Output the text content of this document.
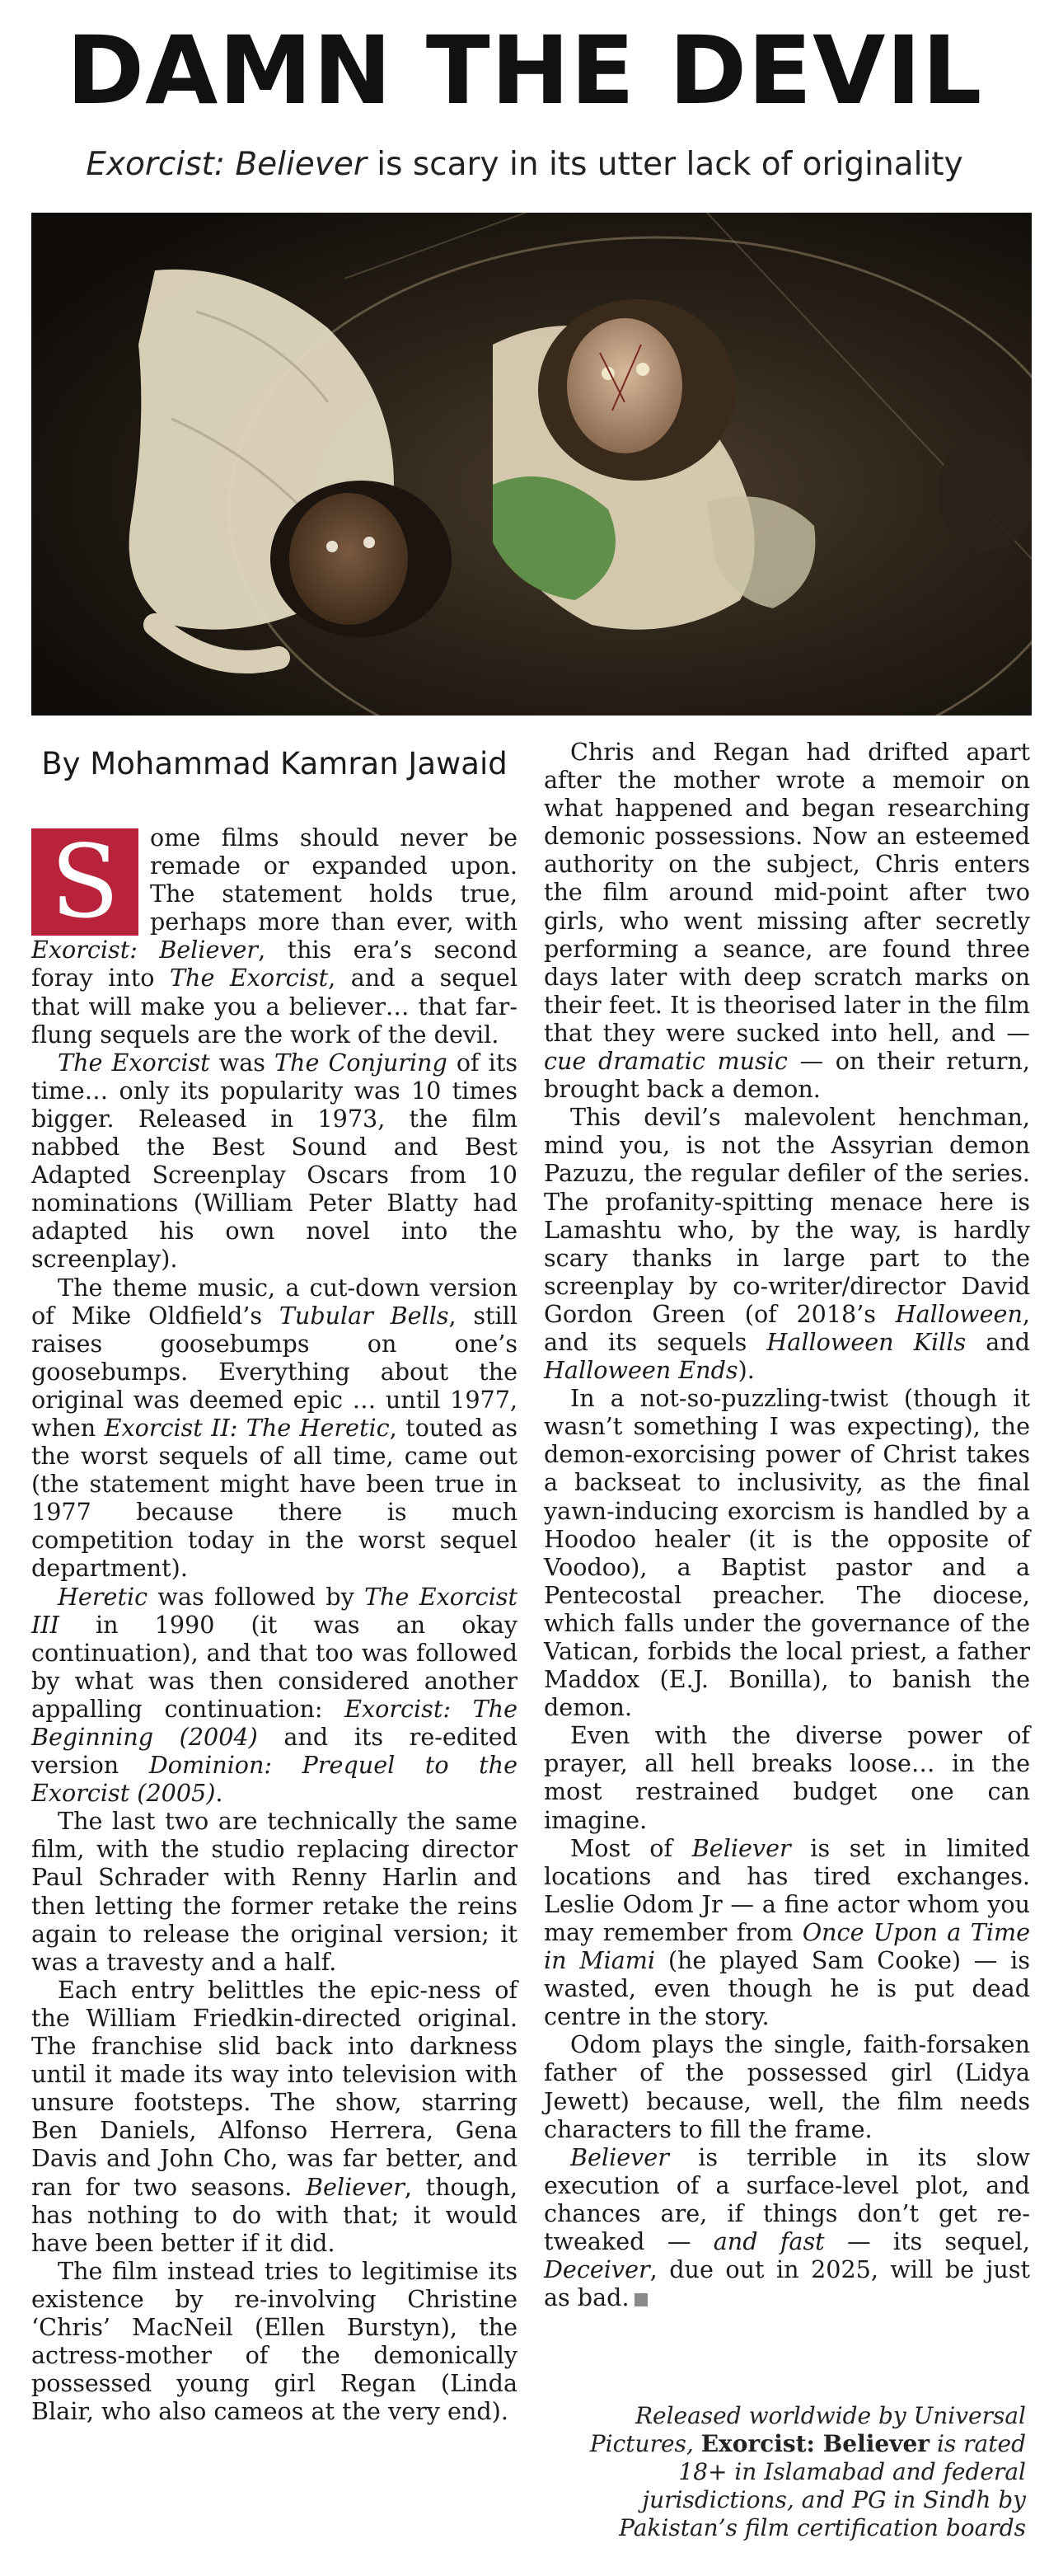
DAMN THE DEVIL
Exorcist: Believer is scary in its utter lack of originality
By Mohammad Kamran Jawaid

S	ome films should never be remade or expanded upon. The statement holds true, perhaps more than ever, with Exorcist: Believer, this era’s second foray into The Exorcist, and a sequel that will make you a believer… that far-flung sequels are the work of the devil.

The Exorcist was The Conjuring of its time… only its popularity was 10 times bigger. Released in 1973, the film nabbed the Best Sound and Best Adapted Screenplay Oscars from 10 nominations (William Peter Blatty had adapted his own novel into the screenplay).

The theme music, a cut-down version of Mike Oldfield’s Tubular Bells, still raises goosebumps on one’s goosebumps. Everything about the original was deemed epic … until 1977, when Exorcist II: The Heretic, touted as the worst sequels of all time, came out (the statement might have been true in 1977 because there is much competition today in the worst sequel department).

Heretic was followed by The Exorcist III in 1990 (it was an okay continuation), and that too was followed by what was then considered another appalling continuation: Exorcist: The Beginning (2004) and its re-edited version Dominion: Prequel to the Exorcist (2005).

The last two are technically the same film, with the studio replacing director Paul Schrader with Renny Harlin and then letting the former retake the reins again to release the original version; it was a travesty and a half.

Each entry belittles the epic-ness of the William Friedkin-directed original. The franchise slid back into darkness until it made its way into television with unsure footsteps. The show, starring Ben Daniels, Alfonso Herrera, Gena Davis and John Cho, was far better, and ran for two seasons. Believer, though, has nothing to do with that; it would have been better if it did.

The film instead tries to legitimise its existence by re-involving Christine ‘Chris’ MacNeil (Ellen Burstyn), the actress-mother of the demonically possessed young girl Regan (Linda Blair, who also cameos at the very end).

Chris and Regan had drifted apart after the mother wrote a memoir on what happened and began researching demonic possessions. Now an esteemed authority on the subject, Chris enters the film around mid-point after two girls, who went missing after secretly performing a seance, are found three days later with deep scratch marks on their feet. It is theorised later in the film that they were sucked into hell, and — cue dramatic music — on their return, brought back a demon.

This devil’s malevolent henchman, mind you, is not the Assyrian demon Pazuzu, the regular defiler of the series. The profanity-spitting menace here is Lamashtu who, by the way, is hardly scary thanks in large part to the screenplay by co-writer/director David Gordon Green (of 2018’s Halloween, and its sequels Halloween Kills and Halloween Ends).

In a not-so-puzzling-twist (though it wasn’t something I was expecting), the demon-exorcising power of Christ takes a backseat to inclusivity, as the final yawn-inducing exorcism is handled by a Hoodoo healer (it is the opposite of Voodoo), a Baptist pastor and a Pentecostal preacher. The diocese, which falls under the governance of the Vatican, forbids the local priest, a father Maddox (E.J. Bonilla), to banish the demon.

Even with the diverse power of prayer, all hell breaks loose… in the most restrained budget one can imagine.

Most of Believer is set in limited locations and has tired exchanges. Leslie Odom Jr — a fine actor whom you may remember from Once Upon a Time in Miami (he played Sam Cooke) — is wasted, even though he is put dead centre in the story.

Odom plays the single, faith-forsaken father of the possessed girl (Lidya Jewett) because, well, the film needs characters to fill the frame.

Believer is terrible in its slow execution of a surface-level plot, and chances are, if things don’t get re-tweaked — and fast — its sequel, Deceiver, due out in 2025, will be just as bad.

Released worldwide by Universal Pictures, Exorcist: Believer is rated 18+ in Islamabad and federal jurisdictions, and PG in Sindh by Pakistan’s film certification boards
